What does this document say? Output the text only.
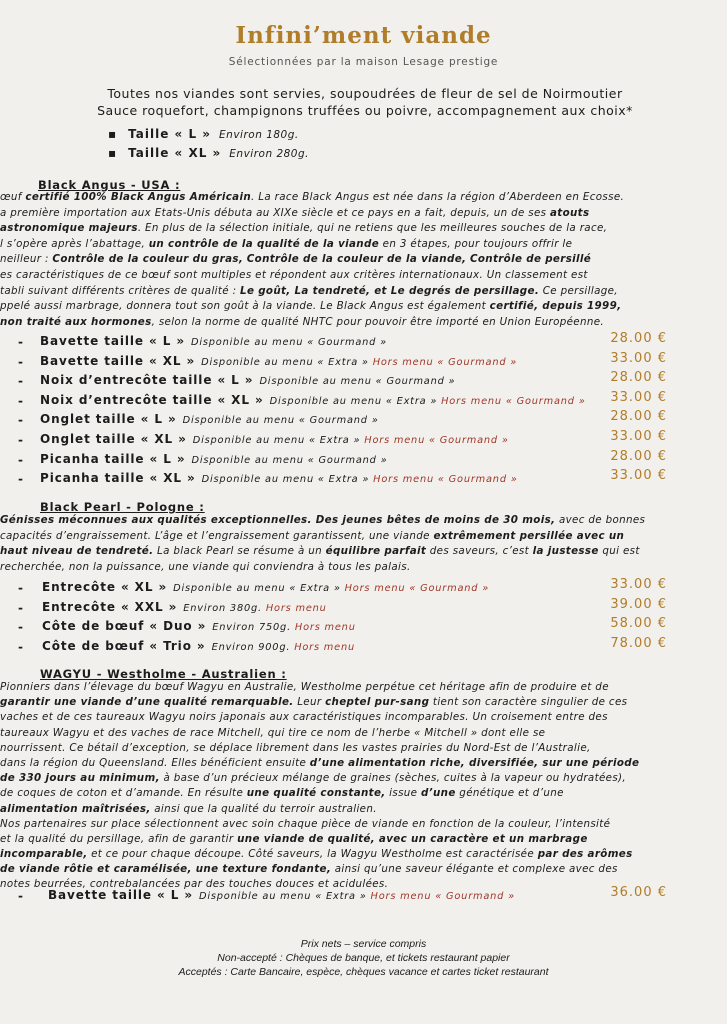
Infini’ment viande
Sélectionnées par la maison Lesage prestige
Toutes nos viandes sont servies, soupoudrées de fleur de sel de Noirmoutier
Sauce roquefort, champignons truffées ou poivre, accompagnement aux choix*
▪ Taille « L » Environ 180g.
▪ Taille « XL » Environ 280g.
Black Angus - USA :
œuf certifié 100% Black Angus Américain. La race Black Angus est née dans la région d’Aberdeen en Ecosse.
a première importation aux Etats-Unis débuta au XIXe siècle et ce pays en a fait, depuis, un de ses atouts
astronomique majeurs. En plus de la sélection initiale, qui ne retiens que les meilleures souches de la race,
l s’opère après l’abattage, un contrôle de la qualité de la viande en 3 étapes, pour toujours offrir le
neilleur : Contrôle de la couleur du gras, Contrôle de la couleur de la viande, Contrôle de persillé
es caractéristiques de ce bœuf sont multiples et répondent aux critères internationaux. Un classement est
tabli suivant différents critères de qualité : Le goût, La tendreté, et Le degrés de persillage. Ce persillage,
ppelé aussi marbrage, donnera tout son goût à la viande. Le Black Angus est également certifié, depuis 1999,
non traité aux hormones, selon la norme de qualité NHTC pour pouvoir être importé en Union Européenne.
- Bavette taille « L » Disponible au menu « Gourmand »	28.00 €
- Bavette taille « XL » Disponible au menu « Extra » Hors menu « Gourmand »	33.00 €
- Noix d’entrecôte taille « L » Disponible au menu « Gourmand »	28.00 €
- Noix d’entrecôte taille « XL » Disponible au menu « Extra » Hors menu « Gourmand » 33.00 €
- Onglet taille « L » Disponible au menu « Gourmand »	28.00 €
- Onglet taille « XL » Disponible au menu « Extra » Hors menu « Gourmand »	33.00 €
- Picanha taille « L » Disponible au menu « Gourmand »	28.00 €
- Picanha taille « XL » Disponible au menu « Extra » Hors menu « Gourmand »	33.00 €
Black Pearl - Pologne :
Génisses méconnues aux qualités exceptionnelles. Des jeunes bêtes de moins de 30 mois, avec de bonnes
capacités d’engraissement. L’âge et l’engraissement garantissent, une viande extrêmement persillée avec un
haut niveau de tendreté. La black Pearl se résume à un équilibre parfait des saveurs, c’est la justesse qui est
recherchée, non la puissance, une viande qui conviendra à tous les palais.
- Entrecôte « XL » Disponible au menu « Extra » Hors menu « Gourmand »	33.00 €
- Entrecôte « XXL » Environ 380g. Hors menu	39.00 €
- Côte de bœuf « Duo » Environ 750g. Hors menu	58.00 €
- Côte de bœuf « Trio » Environ 900g. Hors menu	78.00 €
WAGYU - Westholme - Australien :
Pionniers dans l’élevage du bœuf Wagyu en Australie, Westholme perpétue cet héritage afin de produire et de
garantir une viande d’une qualité remarquable. Leur cheptel pur-sang tient son caractère singulier de ces
vaches et de ces taureaux Wagyu noirs japonais aux caractéristiques incomparables. Un croisement entre des
taureaux Wagyu et des vaches de race Mitchell, qui tire ce nom de l’herbe « Mitchell » dont elle se
nourrissent. Ce bétail d’exception, se déplace librement dans les vastes prairies du Nord-Est de l’Australie,
dans la région du Queensland. Elles bénéficient ensuite d’une alimentation riche, diversifiée, sur une période
de 330 jours au minimum, à base d’un précieux mélange de graines (sèches, cuites à la vapeur ou hydratées),
de coques de coton et d’amande. En résulte une qualité constante, issue d’une génétique et d’une
alimentation maîtrisées, ainsi que la qualité du terroir australien.
Nos partenaires sur place sélectionnent avec soin chaque pièce de viande en fonction de la couleur, l’intensité
et la qualité du persillage, afin de garantir une viande de qualité, avec un caractère et un marbrage
incomparable, et ce pour chaque découpe. Côté saveurs, la Wagyu Westholme est caractérisée par des arômes
de viande rôtie et caramélisée, une texture fondante, ainsi qu’une saveur élégante et complexe avec des
notes beurrées, contrebalancées par des touches douces et acidulées.
- Bavette taille « L » Disponible au menu « Extra » Hors menu « Gourmand »	36.00 €
Prix nets – service compris
Non-accepté : Chèques de banque, et tickets restaurant papier
Acceptés : Carte Bancaire, espèce, chèques vacance et cartes ticket restaurant
